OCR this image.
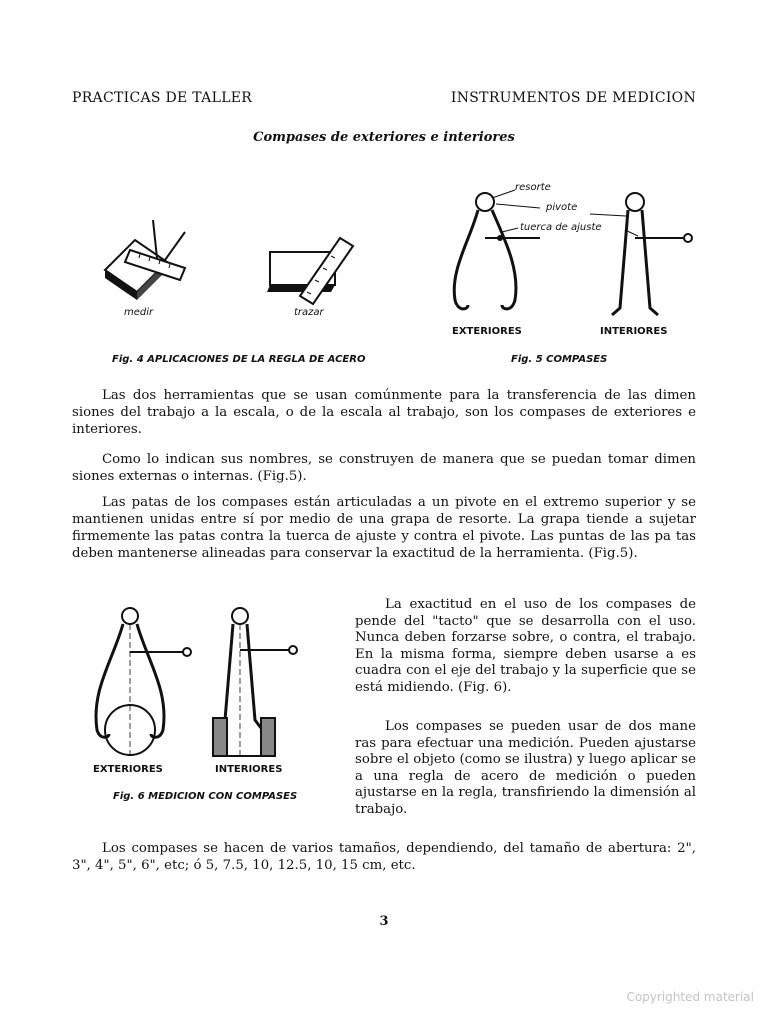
PRACTICAS DE TALLER	INSTRUMENTOS DE MEDICION
Compases de exteriores e interiores
medir	trazar
Fig. 4 APLICACIONES DE LA REGLA DE ACERO
resorte
pivote
tuerca de ajuste
EXTERIORES	INTERIORES
Fig. 5 COMPASES
Las dos herramientas que se usan comúnmente para la transferencia de las dimen siones del trabajo a la escala, o de la escala al trabajo, son los compases de exteriores e interiores.
Como lo indican sus nombres, se construyen de manera que se puedan tomar dimen siones externas o internas. (Fig.5).
Las patas de los compases están articuladas a un pivote en el extremo superior y se mantienen unidas entre sí por medio de una grapa de resorte. La grapa tiende a sujetar firmemente las patas contra la tuerca de ajuste y contra el pivote. Las puntas de las pa tas deben mantenerse alineadas para conservar la exactitud de la herramienta. (Fig.5).
EXTERIORES	INTERIORES
Fig. 6 MEDICION CON COMPASES
La exactitud en el uso de los compases de pende del "tacto" que se desarrolla con el uso. Nunca deben forzarse sobre, o contra, el trabajo. En la misma forma, siempre deben usarse a es cuadra con el eje del trabajo y la superficie que se está midiendo. (Fig. 6).
Los compases se pueden usar de dos mane ras para efectuar una medición. Pueden ajustarse sobre el objeto (como se ilustra) y luego aplicar se a una regla de acero de medición o pueden ajustarse en la regla, transfiriendo la dimensión al trabajo.
Los compases se hacen de varios tamaños, dependiendo, del tamaño de abertura: 2", 3", 4", 5", 6", etc; ó 5, 7.5, 10, 12.5, 10, 15 cm, etc.
3
Copyrighted material
